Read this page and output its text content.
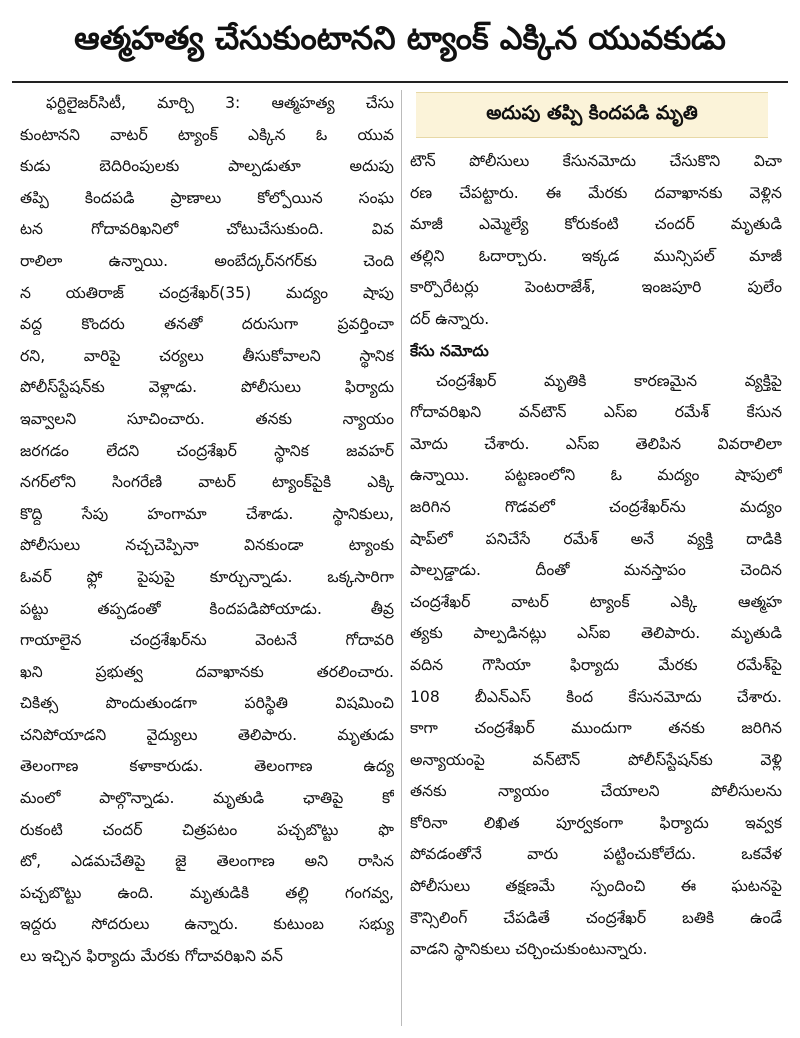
ఆత్మహత్య చేసుకుంటానని ట్యాంక్ ఎక్కిన యువకుడు
ఫర్టిలైజర్‌సిటీ, మార్చి 3: ఆత్మహత్య చేసు
కుంటానని వాటర్ ట్యాంక్ ఎక్కిన ఓ యువ
కుడు బెదిరింపులకు పాల్పడుతూ అదుపు
తప్పి కిందపడి ప్రాణాలు కోల్పోయిన సంఘ
టన గోదావరిఖనిలో చోటుచేసుకుంది. వివ
రాలిలా ఉన్నాయి. అంబేద్కర్‌నగర్‌కు చెంది
న యతిరాజ్ చంద్రశేఖర్(35) మద్యం షాపు
వద్ద కొందరు తనతో దరుసుగా ప్రవర్తించా
రని, వారిపై చర్యలు తీసుకోవాలని స్థానిక
పోలీస్‌స్టేషన్‌కు వెళ్లాడు. పోలీసులు ఫిర్యాదు
ఇవ్వాలని సూచించారు. తనకు న్యాయం
జరగడం లేదని చంద్రశేఖర్ స్థానిక జవహర్
నగర్‌లోని సింగరేణి వాటర్ ట్యాంక్‌పైకి ఎక్కి
కొద్ది సేపు హంగామా చేశాడు. స్థానికులు,
పోలీసులు నచ్చచెప్పినా వినకుండా ట్యాంకు
ఓవర్ ఫ్లో పైపుపై కూర్చున్నాడు. ఒక్కసారిగా
పట్టు తప్పడంతో కిందపడిపోయాడు. తీవ్ర
గాయాలైన చంద్రశేఖర్‌ను వెంటనే గోదావరి
ఖని ప్రభుత్వ దవాఖానకు తరలించారు.
చికిత్స పొందుతుండగా పరిస్థితి విషమించి
చనిపోయాడని వైద్యులు తెలిపారు. మృతుడు
తెలంగాణ కళాకారుడు. తెలంగాణ ఉద్య
మంలో పాల్గొన్నాడు. మృతుడి ఛాతిపై కో
రుకంటి చందర్ చిత్రపటం పచ్చబొట్టు ఫొ
టో, ఎడమచేతిపై జై తెలంగాణ అని రాసిన
పచ్చబొట్టు ఉంది. మృతుడికి తల్లి గంగవ్వ,
ఇద్దరు సోదరులు ఉన్నారు. కుటుంబ సభ్యు
లు ఇచ్చిన ఫిర్యాదు మేరకు గోదావరిఖని వన్
అదుపు తప్పి కిందపడి మృతి
టౌన్ పోలీసులు కేసునమోదు చేసుకొని విచా
రణ చేపట్టారు. ఈ మేరకు దవాఖానకు వెళ్లిన
మాజీ ఎమ్మెల్యే కోరుకంటి చందర్ మృతుడి
తల్లిని ఓదార్చారు. ఇక్కడ మున్సిపల్ మాజీ
కార్పొరేటర్లు పెంటరాజేశ్, ఇంజపూరి పులేం
దర్ ఉన్నారు.
కేసు నమోదు
చంద్రశేఖర్ మృతికి కారణమైన వ్యక్తిపై
గోదావరిఖని వన్‌టౌన్ ఎస్‌ఐ రమేశ్ కేసున
మోదు చేశారు. ఎస్‌ఐ తెలిపిన వివరాలిలా
ఉన్నాయి. పట్టణంలోని ఓ మద్యం షాపులో
జరిగిన గొడవలో చంద్రశేఖర్‌ను మద్యం
షాప్‌లో పనిచేసే రమేశ్ అనే వ్యక్తి దాడికి
పాల్పడ్డాడు. దీంతో మనస్తాపం చెందిన
చంద్రశేఖర్ వాటర్ ట్యాంక్ ఎక్కి ఆత్మహ
త్యకు పాల్పడినట్లు ఎస్‌ఐ తెలిపారు. మృతుడి
వదిన గౌసియా ఫిర్యాదు మేరకు రమేశ్‌పై
108 బీఎన్ఎస్ కింద కేసునమోదు చేశారు.
కాగా చంద్రశేఖర్ ముందుగా తనకు జరిగిన
అన్యాయంపై వన్‌టౌన్ పోలీస్‌స్టేషన్‌కు వెళ్లి
తనకు న్యాయం చేయాలని పోలీసులను
కోరినా లిఖిత పూర్వకంగా ఫిర్యాదు ఇవ్వక
పోవడంతోనే వారు పట్టించుకోలేదు. ఒకవేళ
పోలీసులు తక్షణమే స్పందించి ఈ ఘటనపై
కౌన్సిలింగ్ చేపడితే చంద్రశేఖర్ బతికి ఉండే
వాడని స్థానికులు చర్చించుకుంటున్నారు.
